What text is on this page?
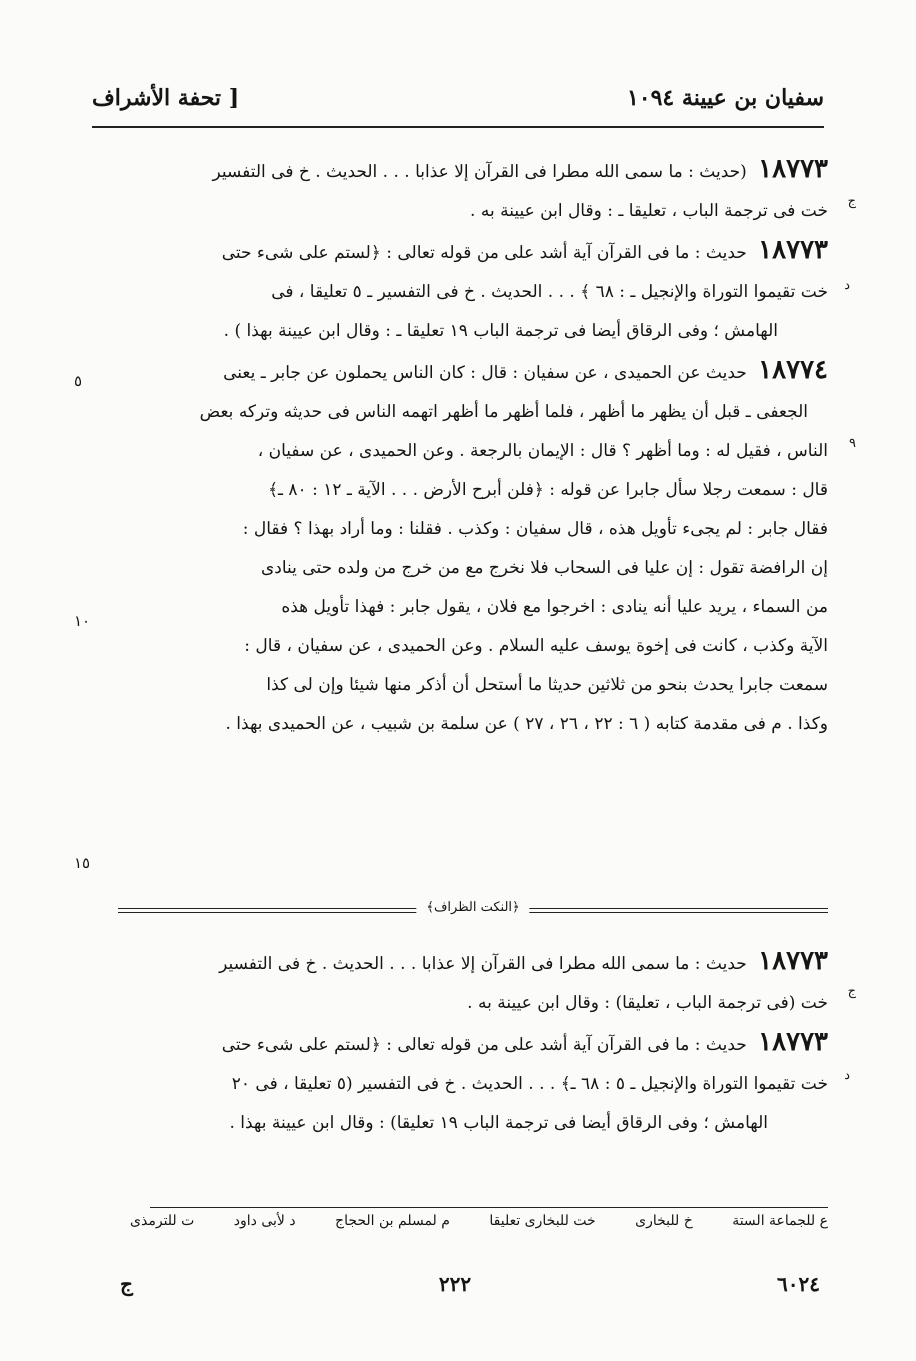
سفيان بن عيينة ١٠٩٤
[ تحفة الأشراف
١٨٧٧٣ (حديث : ما سمى الله مطرا فى القرآن إلا عذابا . . . الحديث . خ فى التفسير
خت فى ترجمة الباب ، تعليقا ـ : وقال ابن عيينة به .
١٨٧٧٣ حديث : ما فى القرآن آية أشد على من قوله تعالى : ﴿لستم على شىء حتى
خت تقيموا التوراة والإنجيل ـ : ٦٨ ﴾ . . . الحديث . خ فى التفسير ـ ٥ تعليقا ، فى
الهامش ؛ وفى الرقاق أيضا فى ترجمة الباب ١٩ تعليقا ـ : وقال ابن عيينة بهذا ) .
١٨٧٧٤ حديث عن الحميدى ، عن سفيان : قال : كان الناس يحملون عن جابر ـ يعنى
الجعفى ـ قبل أن يظهر ما أظهر ، فلما أظهر ما أظهر اتهمه الناس فى حديثه وتركه بعض
الناس ، فقيل له : وما أظهر ؟ قال : الإيمان بالرجعة . وعن الحميدى ، عن سفيان ،
قال : سمعت رجلا سأل جابرا عن قوله : ﴿فلن أبرح الأرض . . . الآية ـ ١٢ : ٨٠ ـ﴾
فقال جابر : لم يجىء تأويل هذه ، قال سفيان : وكذب . فقلنا : وما أراد بهذا ؟ فقال :
إن الرافضة تقول : إن عليا فى السحاب فلا نخرج مع من خرج من ولده حتى ينادى
من السماء ، يريد عليا أنه ينادى : اخرجوا مع فلان ، يقول جابر : فهذا تأويل هذه
الآية وكذب ، كانت فى إخوة يوسف عليه السلام . وعن الحميدى ، عن سفيان ، قال :
سمعت جابرا يحدث بنحو من ثلاثين حديثا ما أستحل أن أذكر منها شيئا وإن لى كذا
وكذا . م فى مقدمة كتابه ( ٦ : ٢٢ ، ٢٦ ، ٢٧ ) عن سلمة بن شبيب ، عن الحميدى بهذا .
ج
د
٥
٩
١٠
١٥
﴿النكت الظراف﴾
١٨٧٧٣ حديث : ما سمى الله مطرا فى القرآن إلا عذابا . . . الحديث . خ فى التفسير
خت (فى ترجمة الباب ، تعليقا) : وقال ابن عيينة به .
١٨٧٧٣ حديث : ما فى القرآن آية أشد على من قوله تعالى : ﴿لستم على شىء حتى
خت تقيموا التوراة والإنجيل ـ ٥ : ٦٨ ـ﴾ . . . الحديث . خ فى التفسير (٥ تعليقا ، فى ٢٠
الهامش ؛ وفى الرقاق أيضا فى ترجمة الباب ١٩ تعليقا) : وقال ابن عيينة بهذا .
ج
د
ع للجماعة الستة
خ للبخارى
خت للبخارى تعليقا
م لمسلم بن الحجاج
د لأبى داود
ت للترمذى
٦٠٢٤
٢٢٢
ج
